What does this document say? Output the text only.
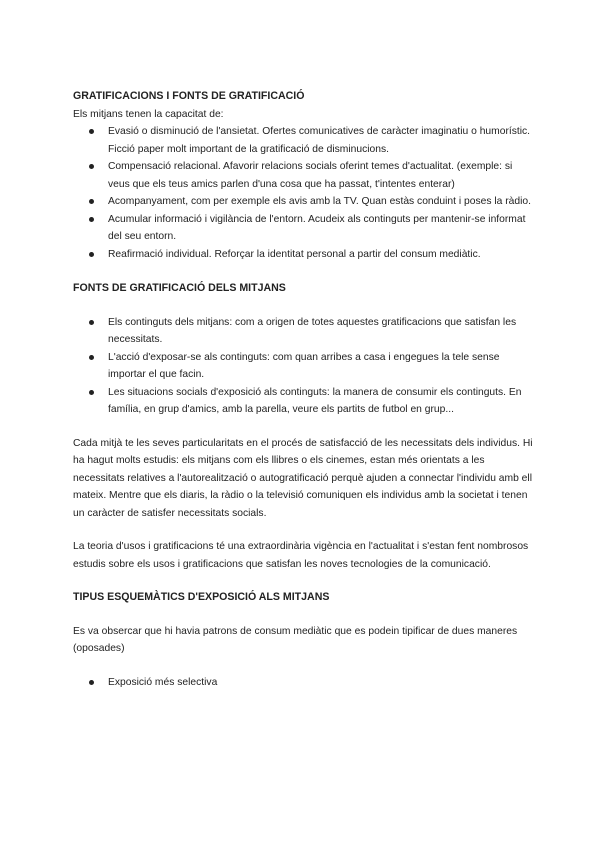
GRATIFICACIONS I FONTS DE GRATIFICACIÓ

Els mitjans tenen la capacitat de:

Evasió o disminució de l'ansietat. Ofertes comunicatives de caràcter imaginatiu o humorístic. Ficció paper molt important de la gratificació de disminucions.
Compensació relacional. Afavorir relacions socials oferint temes d'actualitat. (exemple: si veus que els teus amics parlen d'una cosa que ha passat, t'intentes enterar)
Acompanyament, com per exemple els avis amb la TV. Quan estàs conduint i poses la ràdio.
Acumular informació i vigilància de l'entorn. Acudeix als continguts per mantenir-se informat del seu entorn.
Reafirmació individual. Reforçar la identitat personal a partir del consum mediàtic.
FONTS DE GRATIFICACIÓ DELS MITJANS
Els continguts dels mitjans: com a origen de totes aquestes gratificacions que satisfan les necessitats.
L'acció d'exposar-se als continguts: com quan arribes a casa i engegues la tele sense importar el que facin.
Les situacions socials d'exposició als continguts: la manera de consumir els continguts. En família, en grup d'amics, amb la parella, veure els partits de futbol en grup...

Cada mitjà te les seves particularitats en el procés de satisfacció de les necessitats dels individus. Hi ha hagut molts estudis: els mitjans com els llibres o els cinemes, estan més orientats a les necessitats relatives a l'autorealització o autogratificació perquè ajuden a connectar l'individu amb ell mateix. Mentre que els diaris, la ràdio o la televisió comuniquen els individus amb la societat i tenen un caràcter de satisfer necessitats socials.

La teoria d'usos i gratificacions té una extraordinària vigència en l'actualitat i s'estan fent nombrosos estudis sobre els usos i gratificacions que satisfan les noves tecnologies de la comunicació.

TIPUS ESQUEMÀTICS D'EXPOSICIÓ ALS MITJANS

Es va obsercar que hi havia patrons de consum mediàtic que es podein tipificar de dues maneres (oposades)

Exposició més selectiva
